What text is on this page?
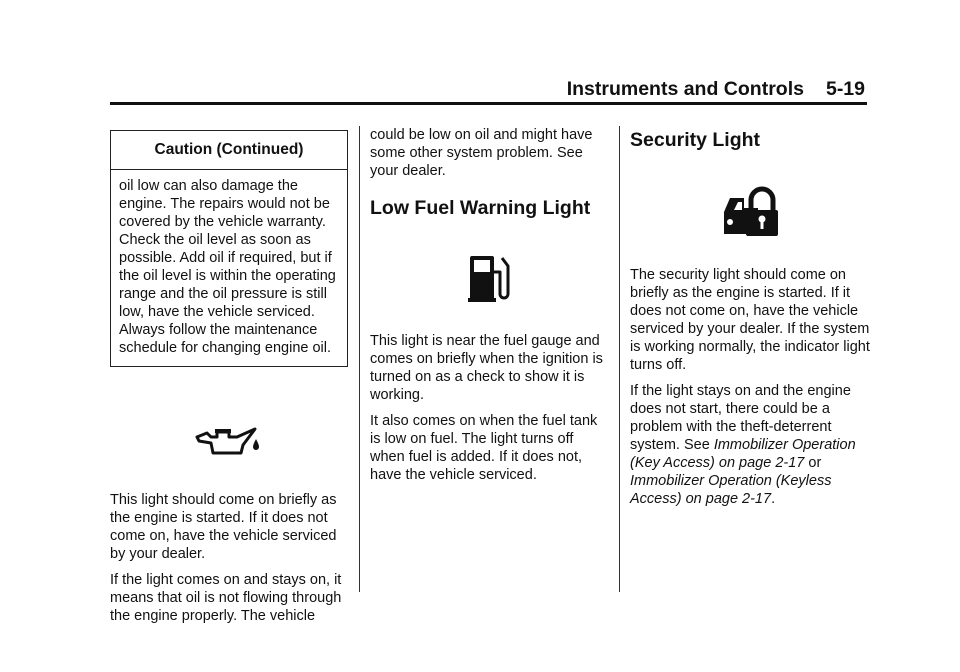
Instruments and Controls 5-19
Caution (Continued)
oil low can also damage the engine. The repairs would not be covered by the vehicle warranty. Check the oil level as soon as possible. Add oil if required, but if the oil level is within the operating range and the oil pressure is still low, have the vehicle serviced. Always follow the maintenance schedule for changing engine oil.

This light should come on briefly as the engine is started. If it does not come on, have the vehicle serviced by your dealer.

If the light comes on and stays on, it means that oil is not flowing through the engine properly. The vehicle

could be low on oil and might have some other system problem. See your dealer.

Low Fuel Warning Light

This light is near the fuel gauge and comes on briefly when the ignition is turned on as a check to show it is working.

It also comes on when the fuel tank is low on fuel. The light turns off when fuel is added. If it does not, have the vehicle serviced.

Security Light

The security light should come on briefly as the engine is started. If it does not come on, have the vehicle serviced by your dealer. If the system is working normally, the indicator light turns off.

If the light stays on and the engine does not start, there could be a problem with the theft-deterrent system. See Immobilizer Operation (Key Access) on page 2-17 or Immobilizer Operation (Keyless Access) on page 2-17.
